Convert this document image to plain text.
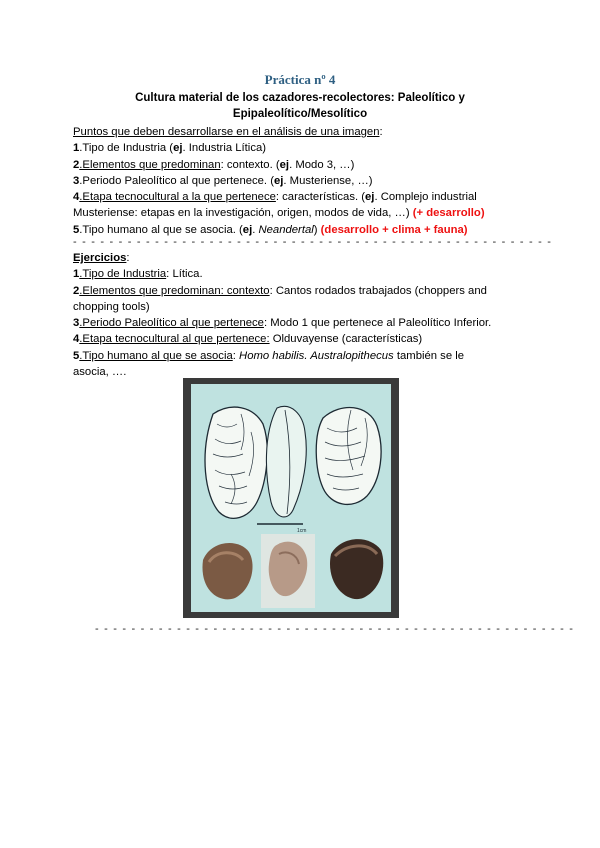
Práctica nº 4
Cultura material de los cazadores-recolectores: Paleolítico y Epipaleolítico/Mesolítico
Puntos que deben desarrollarse en el análisis de una imagen:
1.Tipo de Industria (ej. Industria Lítica)
2.Elementos que predominan: contexto. (ej. Modo 3, …)
3.Periodo Paleolítico al que pertenece. (ej. Musteriense, …)
4.Etapa tecnocultural a la que pertenece: características. (ej. Complejo industrial
Musteriense: etapas en la investigación, origen, modos de vida, …) (+ desarrollo)
5.Tipo humano al que se asocia. (ej. Neandertal) (desarrollo + clima + fauna)
- - - - - - - - - - - - - - - - - - - - - - - - - - - - - - - - - - - - - - - - - - - - - - - - - - - - -
Ejercicios:
1.Tipo de Industria: Lítica.
2.Elementos que predominan: contexto: Cantos rodados trabajados (choppers and
chopping tools)
3.Periodo Paleolítico al que pertenece: Modo 1 que pertenece al Paleolítico Inferior.
4.Etapa tecnocultural al que pertenece: Olduvayense (características)
5.Tipo humano al que se asocia: Homo habilis. Australopithecus también se le
asocia, ….
1cm
- - - - - - - - - - - - - - - - - - - - - - - - - - - - - - - - - - - - - - - - - - - - - - - - - - - - -
